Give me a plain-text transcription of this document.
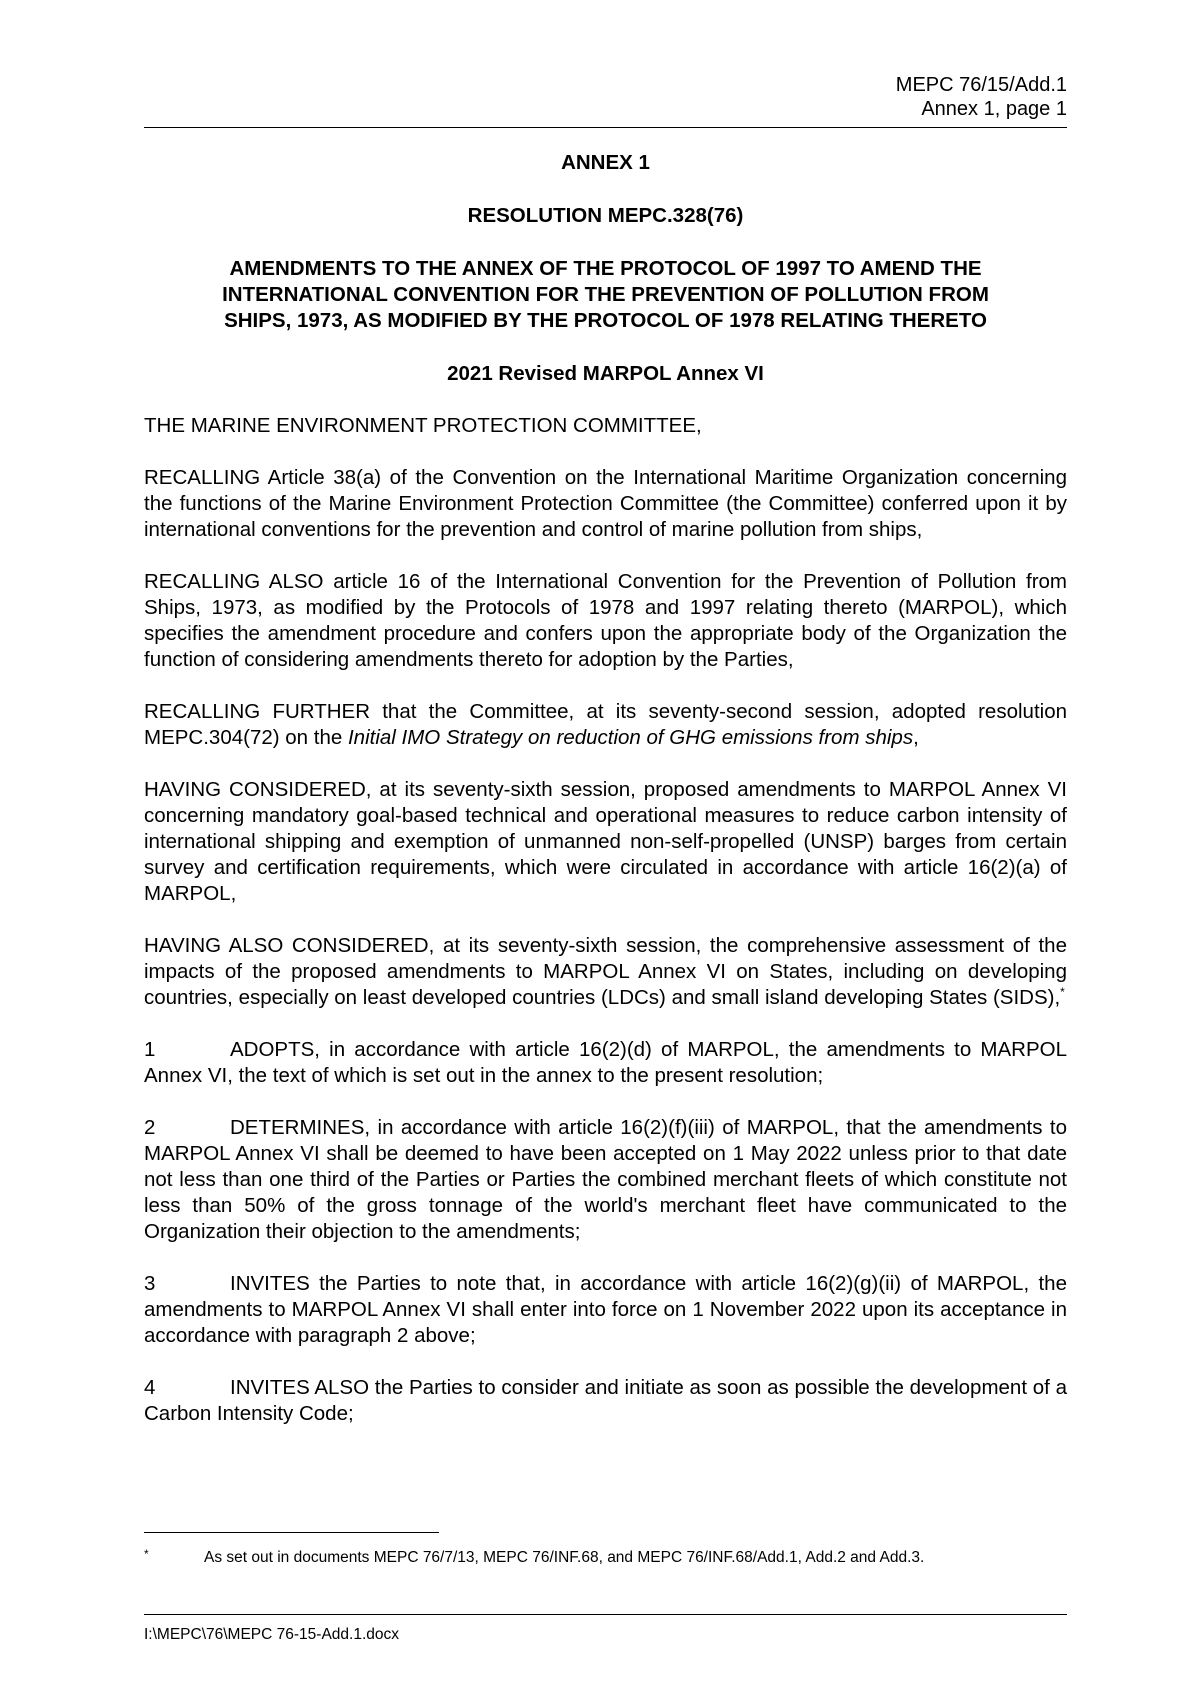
MEPC 76/15/Add.1
Annex 1, page 1

ANNEX 1

RESOLUTION MEPC.328(76)

AMENDMENTS TO THE ANNEX OF THE PROTOCOL OF 1997 TO AMEND THE

INTERNATIONAL CONVENTION FOR THE PREVENTION OF POLLUTION FROM

SHIPS, 1973, AS MODIFIED BY THE PROTOCOL OF 1978 RELATING THERETO

2021 Revised MARPOL Annex VI

THE MARINE ENVIRONMENT PROTECTION COMMITTEE,

RECALLING Article 38(a) of the Convention on the International Maritime Organization concerning the functions of the Marine Environment Protection Committee (the Committee) conferred upon it by international conventions for the prevention and control of marine pollution from ships,

RECALLING ALSO article 16 of the International Convention for the Prevention of Pollution from Ships, 1973, as modified by the Protocols of 1978 and 1997 relating thereto (MARPOL), which specifies the amendment procedure and confers upon the appropriate body of the Organization the function of considering amendments thereto for adoption by the Parties,

RECALLING FURTHER that the Committee, at its seventy-second session, adopted resolution MEPC.304(72) on the Initial IMO Strategy on reduction of GHG emissions from ships,

HAVING CONSIDERED, at its seventy-sixth session, proposed amendments to MARPOL Annex VI concerning mandatory goal-based technical and operational measures to reduce carbon intensity of international shipping and exemption of unmanned non-self-propelled (UNSP) barges from certain survey and certification requirements, which were circulated in accordance with article 16(2)(a) of MARPOL,

HAVING ALSO CONSIDERED, at its seventy-sixth session, the comprehensive assessment of the impacts of the proposed amendments to MARPOL Annex VI on States, including on developing countries, especially on least developed countries (LDCs) and small island developing States (SIDS),*

1	ADOPTS, in accordance with article 16(2)(d) of MARPOL, the amendments to MARPOL Annex VI, the text of which is set out in the annex to the present resolution;

2	DETERMINES, in accordance with article 16(2)(f)(iii) of MARPOL, that the amendments to MARPOL Annex VI shall be deemed to have been accepted on 1 May 2022 unless prior to that date not less than one third of the Parties or Parties the combined merchant fleets of which constitute not less than 50% of the gross tonnage of the world's merchant fleet have communicated to the Organization their objection to the amendments;

3	INVITES the Parties to note that, in accordance with article 16(2)(g)(ii) of MARPOL, the amendments to MARPOL Annex VI shall enter into force on 1 November 2022 upon its acceptance in accordance with paragraph 2 above;

4	INVITES ALSO the Parties to consider and initiate as soon as possible the development of a Carbon Intensity Code;

*	As set out in documents MEPC 76/7/13, MEPC 76/INF.68, and MEPC 76/INF.68/Add.1, Add.2 and Add.3.
I:\MEPC\76\MEPC 76-15-Add.1.docx
